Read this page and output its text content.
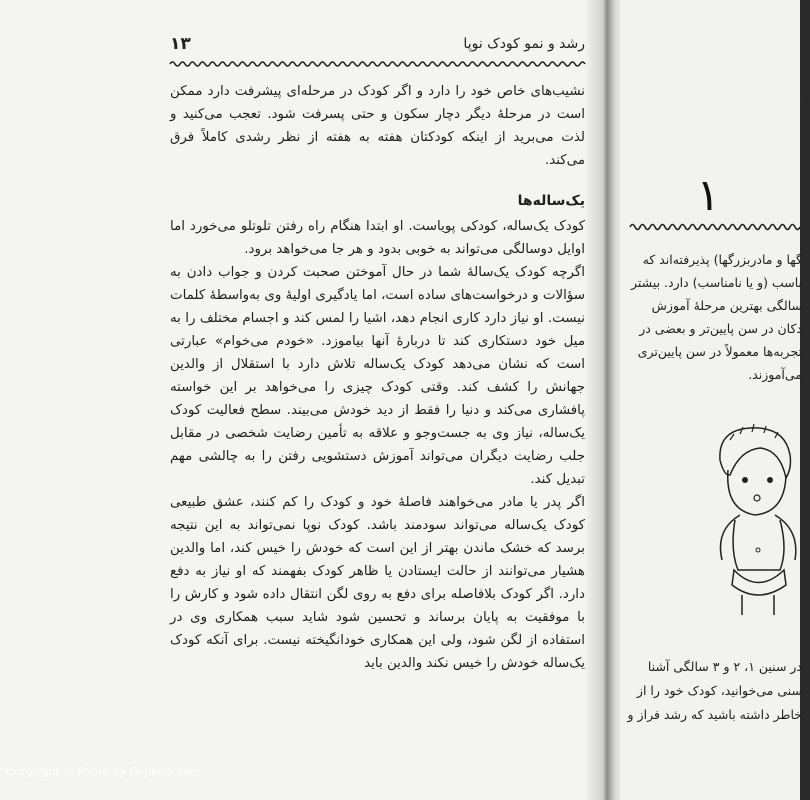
.
۱
گها و مادربزرگها) پذیرفته‌اند که
ناسب (و یا نامناسب) دارد. بیشتر
سالگی بهترین مرحلهٔ آموزش
دکان در سن پایین‌تر و بعضی در
تجربه‌ها معمولاً در سن پایین‌تری
می‌آموزند.
در سنین ۱، ۲ و ۳ سالگی آشنا
سنی می‌خوانید، کودک خود را از
خاطر داشته باشید که رشد فراز و
رشد و نمو کودک نوپا
۱۳

نشیب‌های خاص خود را دارد و اگر کودک در مرحله‌ای پیشرفت دارد ممکن است در مرحلهٔ دیگر دچار سکون و حتی پسرفت شود. تعجب می‌کنید و لذت می‌برید از اینکه کودکتان هفته به هفته از نظر رشدی کاملاً فرق می‌کند.

یک‌ساله‌ها

کودک یک‌ساله، کودکی پویاست. او ابتدا هنگام راه رفتن تلوتلو می‌خورد اما اوایل دوسالگی می‌تواند به خوبی بدود و هر جا می‌خواهد برود.

اگرچه کودک یک‌سالهٔ شما در حال آموختن صحبت کردن و جواب دادن به سؤالات و درخواست‌های ساده است، اما یادگیری اولیهٔ وی به‌واسطهٔ کلمات نیست. او نیاز دارد کاری انجام دهد، اشیا را لمس کند و اجسام مختلف را به میل خود دستکاری کند تا دربارهٔ آنها بیاموزد. «خودم می‌خوام» عبارتی است که نشان می‌دهد کودک یک‌ساله تلاش دارد با استقلال از والدین جهانش را کشف کند. وقتی کودک چیزی را می‌خواهد بر این خواسته پافشاری می‌کند و دنیا را فقط از دید خودش می‌بیند. سطح فعالیت کودک یک‌ساله، نیاز وی به جست‌وجو و علاقه به تأمین رضایت شخصی در مقابل جلب رضایت دیگران می‌تواند آموزش دستشویی رفتن را به چالشی مهم تبدیل کند.

اگر پدر یا مادر می‌خواهند فاصلهٔ خود و کودک را کم کنند، عشق طبیعی کودک یک‌ساله می‌تواند سودمند باشد. کودک نوپا نمی‌تواند به این نتیجه برسد که خشک ماندن بهتر از این است که خودش را خیس کند، اما والدین هشیار می‌توانند از حالت ایستادن یا ظاهر کودک بفهمند که او نیاز به دفع دارد. اگر کودک بلافاصله برای دفع به روی لگن انتقال داده شود و کارش را با موفقیت به پایان برساند و تحسین شود شاید سبب همکاری وی در استفاده از لگن شود، ولی این همکاری خودانگیخته نیست. برای آنکه کودک یک‌ساله خودش را خیس نکند والدین باید

Copyright © Photo by Digikala.com
